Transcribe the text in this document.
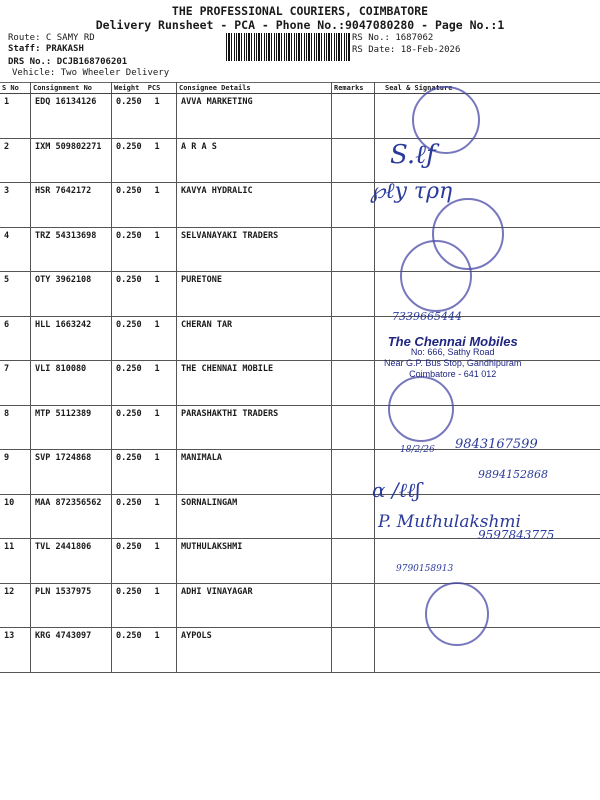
THE PROFESSIONAL COURIERS, COIMBATORE
Delivery Runsheet - PCA - Phone No.:9047080280 - Page No.:1
Route: C SAMY RD
Staff: PRAKASH
DRS No.: DCJB168706201
Vehicle: Two Wheeler Delivery
RS No.: 1687062
RS Date: 18-Feb-2026
S No	Consignment No	Weight  PCS	Consignee Details	Remarks	Seal & Signature
1	EDQ 16134126	0.250 1	AVVA MARKETING		
2	IXM 509802271	0.250 1	A R A S		
3	HSR 7642172	0.250 1	KAVYA HYDRALIC		
4	TRZ 54313698	0.250 1	SELVANAYAKI TRADERS		
5	OTY 3962108	0.250 1	PURETONE		
6	HLL 1663242	0.250 1	CHERAN TAR		
7	VLI 810080	0.250 1	THE CHENNAI MOBILE		
8	MTP 5112389	0.250 1	PARASHAKTHI TRADERS		
9	SVP 1724868	0.250 1	MANIMALA		
10	MAA 872356562	0.250 1	SORNALINGAM		
11	TVL 2441806	0.250 1	MUTHULAKSHMI		
12	PLN 1537975	0.250 1	ADHI VINAYAGAR		
13	KRG 4743097	0.250 1	AYPOLS		
S.ℓƒ
℘ℓy τρη
7339665444
The Chennai Mobiles
No: 666, Sathy Road
Near G.P. Bus Stop, Gandhipuram
Coimbatore - 641 012
18/2/26 9843167599
9894152868
α ∕ℓℓʃ
P. Muthulakshmi
9597843775
9790158913
